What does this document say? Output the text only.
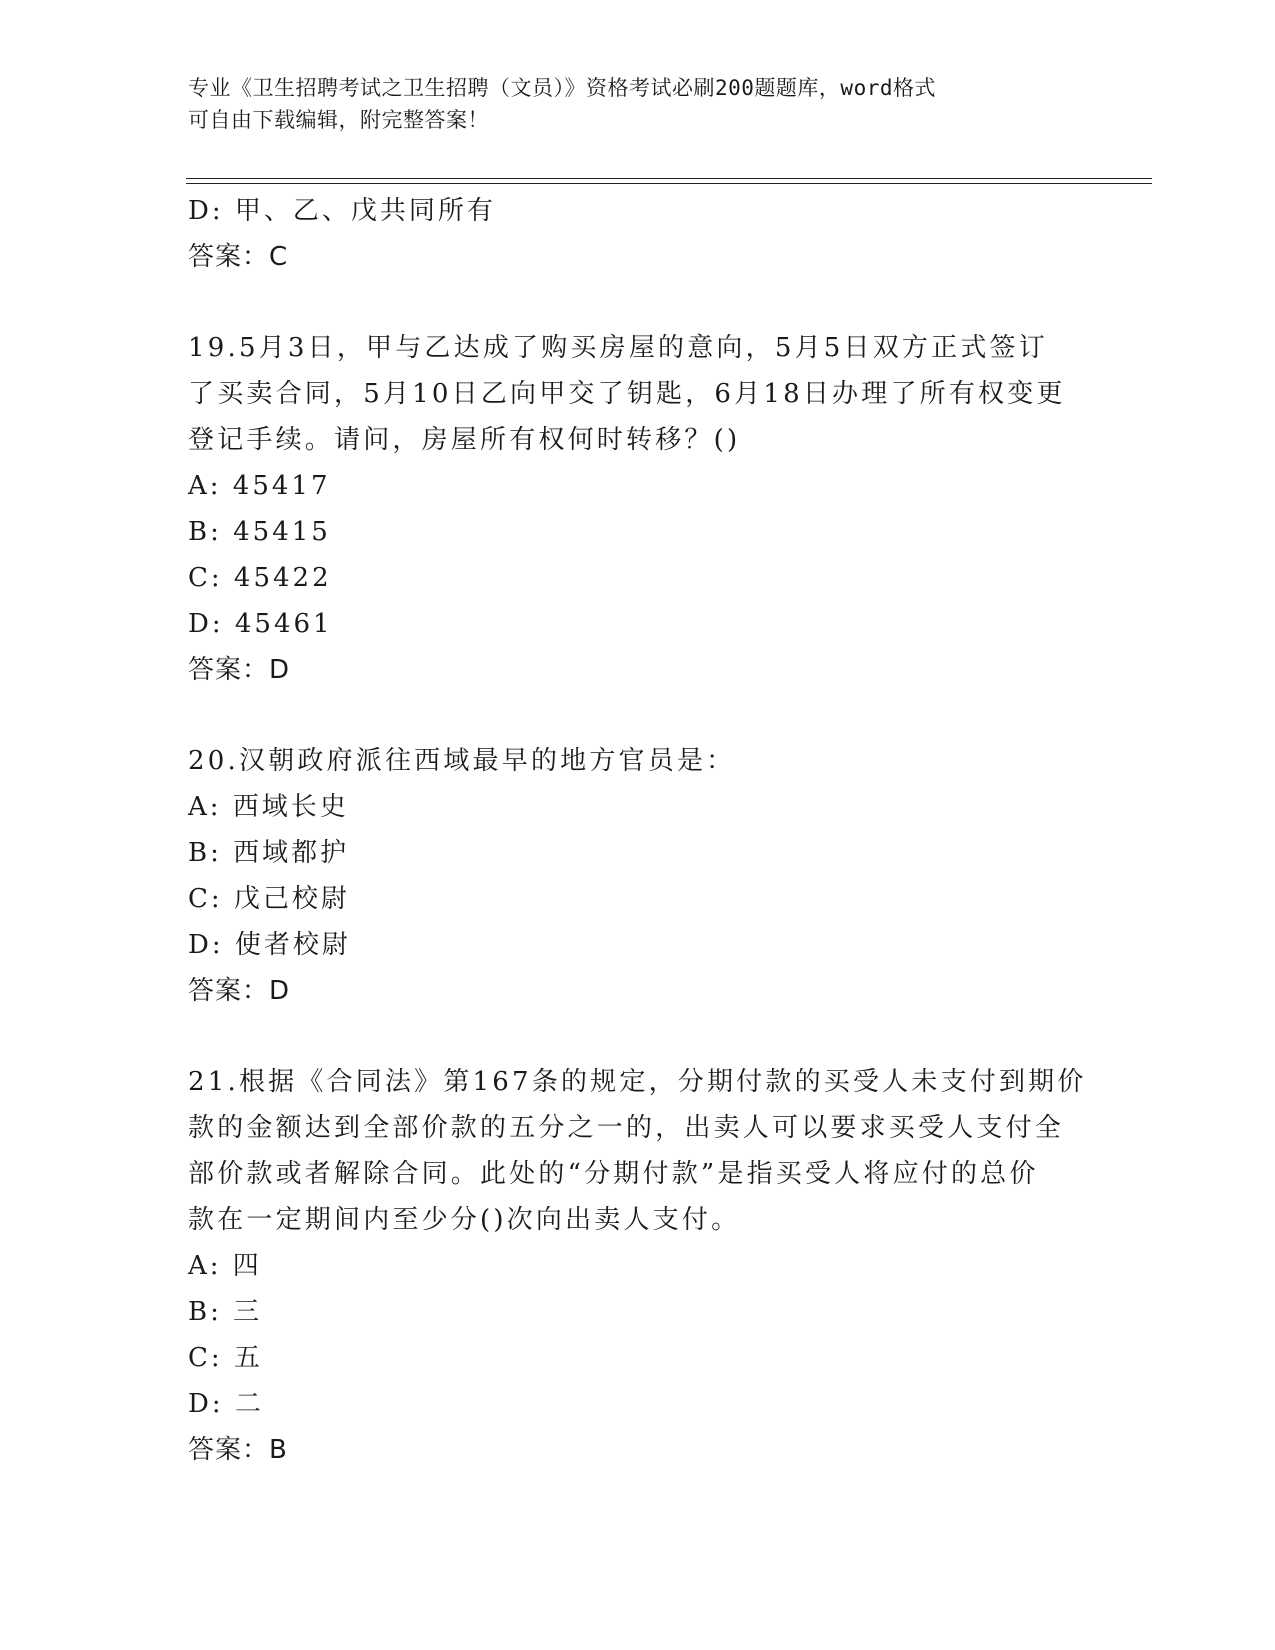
专业《卫生招聘考试之卫生招聘（文员）》资格考试必刷200题题库，word格式
可自由下载编辑，附完整答案！
D: 甲、乙、戊共同所有
答案：C
19.5月3日，甲与乙达成了购买房屋的意向，5月5日双方正式签订
了买卖合同，5月10日乙向甲交了钥匙，6月18日办理了所有权变更
登记手续。请问，房屋所有权何时转移？()
A: 45417
B: 45415
C: 45422
D: 45461
答案：D
20.汉朝政府派往西域最早的地方官员是：
A: 西域长史
B: 西域都护
C: 戊己校尉
D: 使者校尉
答案：D
21.根据《合同法》第167条的规定，分期付款的买受人未支付到期价
款的金额达到全部价款的五分之一的，出卖人可以要求买受人支付全
部价款或者解除合同。此处的“分期付款”是指买受人将应付的总价
款在一定期间内至少分()次向出卖人支付。
A: 四
B: 三
C: 五
D: 二
答案：B
